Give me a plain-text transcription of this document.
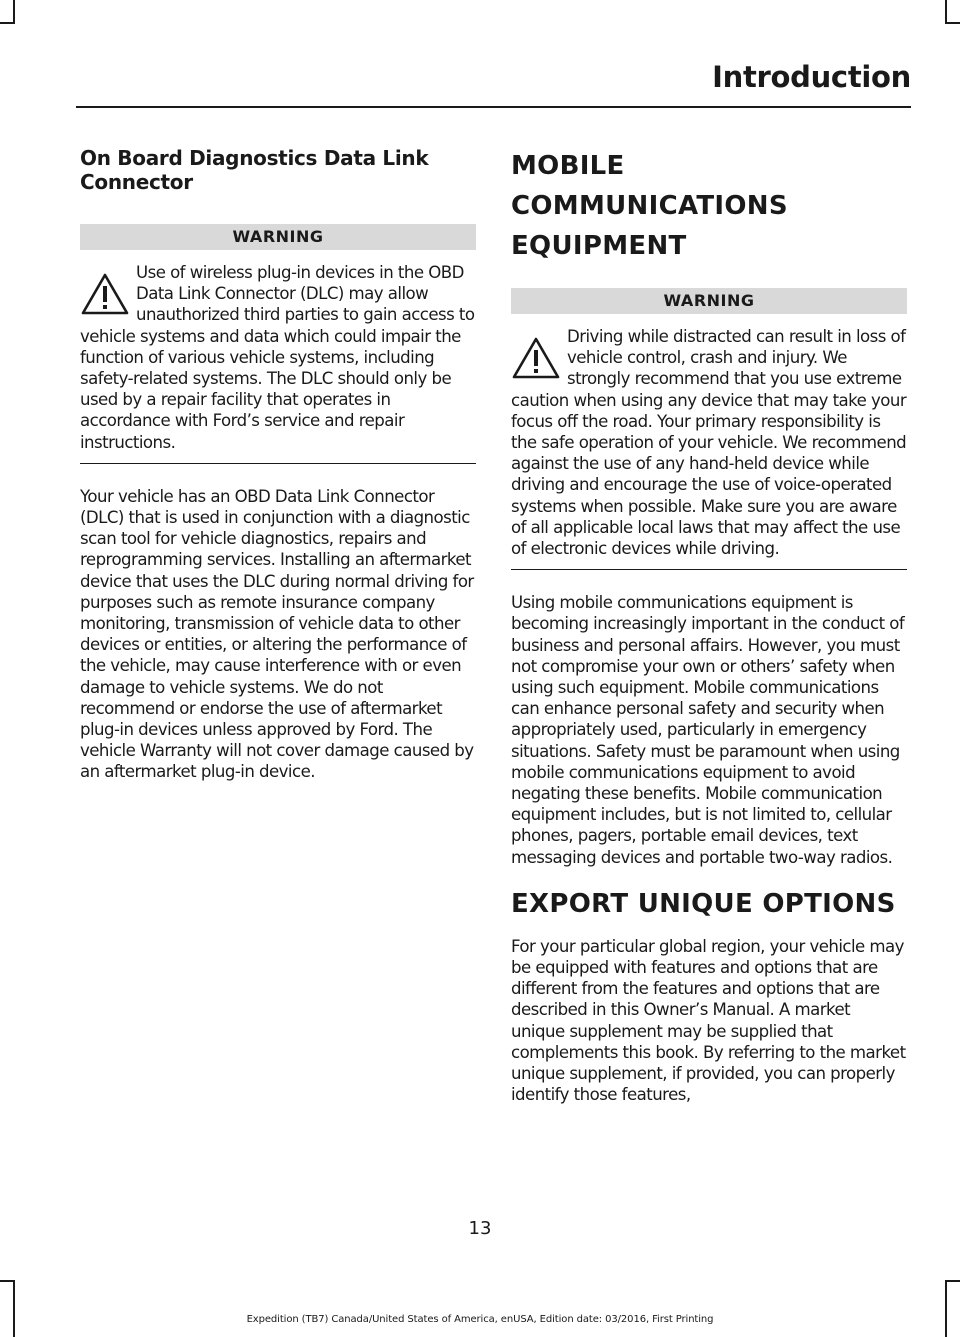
Introduction
On Board Diagnostics Data Link Connector
WARNING

Use of wireless plug-in devices in the OBD Data Link Connector (DLC) may allow unauthorized third parties to gain access to vehicle systems and data which could impair the function of various vehicle systems, including safety-related systems. The DLC should only be used by a repair facility that operates in accordance with Ford’s service and repair instructions.

Your vehicle has an OBD Data Link Connector (DLC) that is used in conjunction with a diagnostic scan tool for vehicle diagnostics, repairs and reprogramming services. Installing an aftermarket device that uses the DLC during normal driving for purposes such as remote insurance company monitoring, transmission of vehicle data to other devices or entities, or altering the performance of the vehicle, may cause interference with or even damage to vehicle systems. We do not recommend or endorse the use of aftermarket plug-in devices unless approved by Ford. The vehicle Warranty will not cover damage caused by an aftermarket plug-in device.

MOBILE COMMUNICATIONS EQUIPMENT
WARNING

Driving while distracted can result in loss of vehicle control, crash and injury. We strongly recommend that you use extreme caution when using any device that may take your focus off the road. Your primary responsibility is the safe operation of your vehicle. We recommend against the use of any hand-held device while driving and encourage the use of voice-operated systems when possible. Make sure you are aware of all applicable local laws that may affect the use of electronic devices while driving.

Using mobile communications equipment is becoming increasingly important in the conduct of business and personal affairs. However, you must not compromise your own or others’ safety when using such equipment. Mobile communications can enhance personal safety and security when appropriately used, particularly in emergency situations. Safety must be paramount when using mobile communications equipment to avoid negating these benefits. Mobile communication equipment includes, but is not limited to, cellular phones, pagers, portable email devices, text messaging devices and portable two-way radios.

EXPORT UNIQUE OPTIONS

For your particular global region, your vehicle may be equipped with features and options that are different from the features and options that are described in this Owner’s Manual. A market unique supplement may be supplied that complements this book. By referring to the market unique supplement, if provided, you can properly identify those features,

13
Expedition (TB7) Canada/United States of America, enUSA, Edition date: 03/2016, First Printing
